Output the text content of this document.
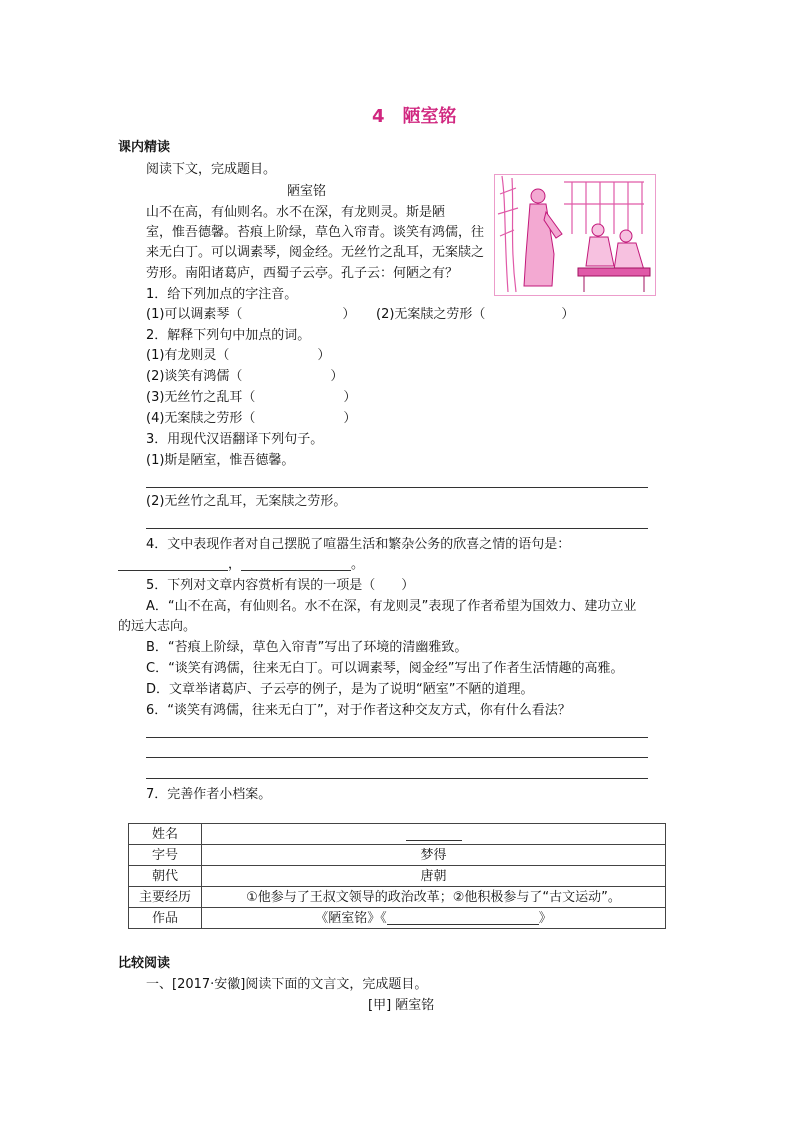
4　陋室铭
课内精读
阅读下文，完成题目。
陋室铭
山不在高，有仙则名。水不在深，有龙则灵。斯是陋
室，惟吾德馨。苔痕上阶绿，草色入帘青。谈笑有鸿儒，往
来无白丁。可以调素琴，阅金经。无丝竹之乱耳，无案牍之
劳形。南阳诸葛庐，西蜀子云亭。孔子云：何陋之有？
1．给下列加点的字注音。
(1)可以调素琴（	） (2)无案牍之劳形（	）
2．解释下列句中加点的词。
(1)有龙则灵（	）
(2)谈笑有鸿儒（	）
(3)无丝竹之乱耳（	）
(4)无案牍之劳形（	）
3．用现代汉语翻译下列句子。
(1)斯是陋室，惟吾德馨。
(2)无丝竹之乱耳，无案牍之劳形。
4．文中表现作者对自己摆脱了喧嚣生活和繁杂公务的欣喜之情的语句是：
，	。
5．下列对文章内容赏析有误的一项是（　　）
A．“山不在高，有仙则名。水不在深，有龙则灵”表现了作者希望为国效力、建功立业
的远大志向。
B．“苔痕上阶绿，草色入帘青”写出了环境的清幽雅致。
C．“谈笑有鸿儒，往来无白丁。可以调素琴，阅金经”写出了作者生活情趣的高雅。
D．文章举诸葛庐、子云亭的例子，是为了说明“陋室”不陋的道理。
6．“谈笑有鸿儒，往来无白丁”，对于作者这种交友方式，你有什么看法？
7．完善作者小档案。
姓名	
字号	梦得
朝代	唐朝
主要经历	①他参与了王叔文领导的政治改革；②他积极参与了“古文运动”。
作品	《陋室铭》《 》
比较阅读
一、[2017·安徽]阅读下面的文言文，完成题目。
[甲] 陋室铭
